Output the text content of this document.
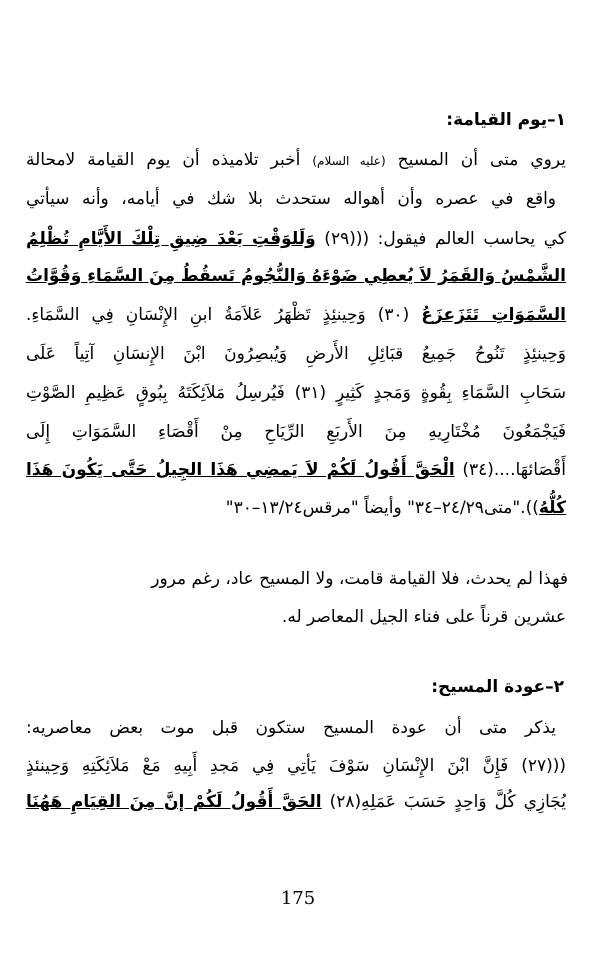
١–يوم القيامة:
يروي متى أن المسيح (عليه السلام) أخبر تلاميذه أن يوم القيامة لامحالة
واقع في عصره وأن أهواله ستحدث بلا شك في أيامه، وأنه سيأتي
كي يحاسب العالم فيقول: (((٢٩) وَلَلوَقْتِ بَعْدَ ضِيقِ تِلْكَ الأَيَّامِ تُظْلِمُ
الشَّمْسُ وَالقَمَرُ لاَ يُعطِي ضَوْءَهُ وَالنُّجُومُ تَسقُطُ مِنَ السَّمَاءِ وَقُوَّاتُ
السَّمَوَاتِ تَتَزَعزَعُ (٣٠) وَحِينئِذٍ تَظْهَرُ عَلاَمَةُ ابنِ الإِنْسَانِ فِي السَّمَاءِ.
وَحِينئِذٍ تَنُوحُ جَمِيعُ قبَائِلِ الأَرضِ وَيُبصِرُونَ ابْنَ الإِنسَانِ آتِياً عَلَى
سَحَابِ السَّمَاءِ بِقُوةٍ وَمَجدٍ كَثِيرٍ (٣١) فَيُرسِلُ مَلاَئِكَتَهُ بِبُوقٍ عَظِيمِ الصَّوْتِ
فَيَجْمَعُونَ مُخْتَارِيهِ مِنَ الأَربَعِ الرِّيَاحِ مِنْ أَقْصَاءِ السَّمَوَاتِ إِلَى
أَقْصَائهَا....(٣٤) الْحَقَّ أَقُولُ لَكُمْ لاَ يَمضِي هَذَا الجِيلُ حَتَّى يَكُونَ هَذَا
كُلُّهُ))."متى٢٤/٢٩–٣٤" وأيضاً "مرقس١٣/٢٤–٣٠"
فهذا لم يحدث، فلا القيامة قامت، ولا المسيح عاد، رغم مرور
عشرين قرناً على فناء الجيل المعاصر له.
٢–عودة المسيح:
يذكر متى أن عودة المسيح ستكون قبل موت بعض معاصريه:
(((٢٧) فَإِنَّ ابْنَ الإِنْسَانِ سَوْفَ يَأتِي فِي مَجدِ أَبِيهِ مَعْ مَلاَئِكَتِهِ وَحِينئذٍ
يُجَازِي كُلَّ وَاحِدٍ حَسَبَ عَمَلِهِ(٢٨) الحَقَّ أَقُولُ لَكُمْ إنَّ مِنَ القِيَامِ هَهُنَا
175
